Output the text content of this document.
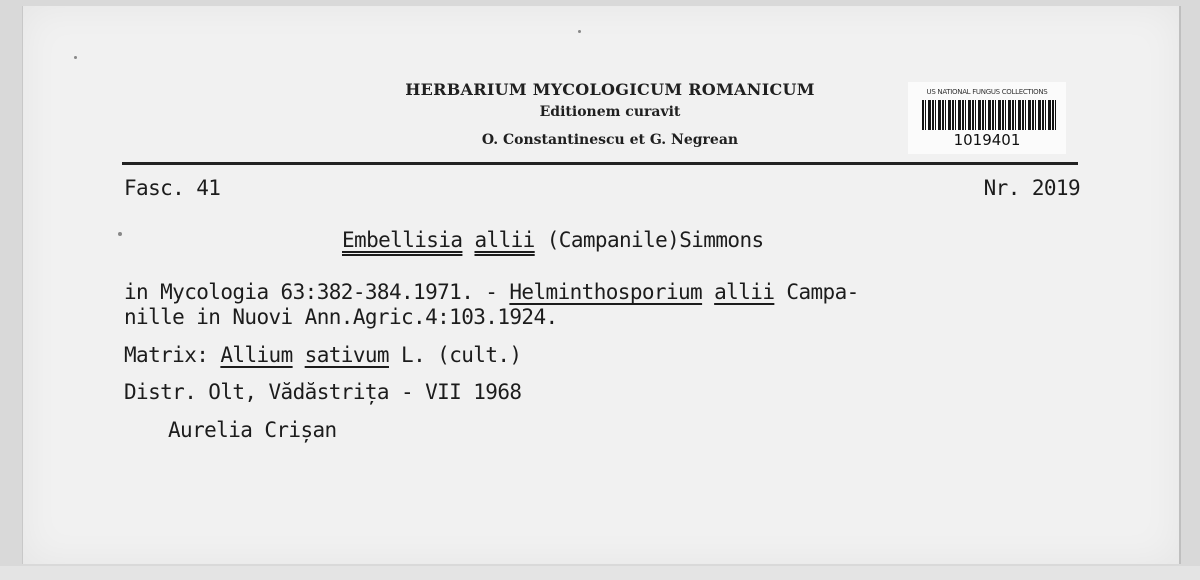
HERBARIUM MYCOLOGICUM ROMANICUM
Editionem curavit
O. Constantinescu et G. Negrean
US NATIONAL FUNGUS COLLECTIONS
1019401
Fasc. 41	Nr. 2019
Embellisia allii (Campanile)Simmons
in Mycologia 63:382-384.1971. - Helminthosporium allii Campa-
nille in Nuovi Ann.Agric.4:103.1924.
Matrix: Allium sativum L. (cult.)
Distr. Olt, Vădăstrița - VII 1968
Aurelia Crișan
